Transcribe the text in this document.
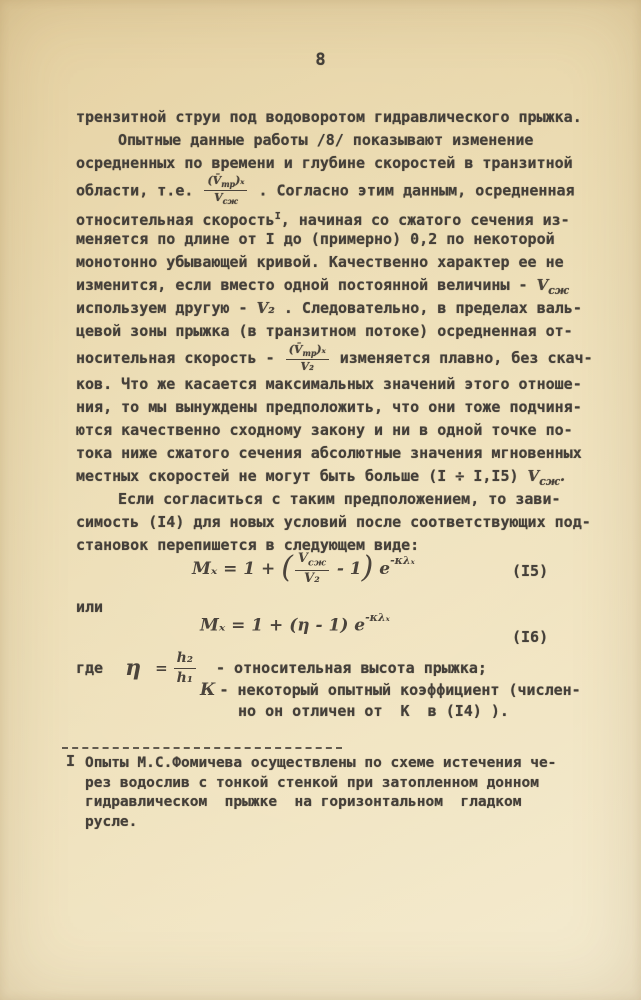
8
трензитной струи под водоворотом гидравлического прыжка.
Опытные данные работы /8/ показывают изменение
осредненных по времени и глубине скоростей в транзитной
области, т.е. $\frac{(V̄_{тр})_x}{V_{сж}}$ . Согласно этим данным, осредненная
относительная скорость$^I$, начиная со сжатого сечения из-
меняется по длине от I до (примерно) 0,2 по некоторой
монотонно убывающей кривой. Качественно характер ее не
изменится, если вместо одной постоянной величины - $V_{сж}$
используем другую - V₂ . Следовательно, в пределах валь-
цевой зоны прыжка (в транзитном потоке) осредненная от-
носительная скорость - $\frac{(V̄_{тр})_x}{\text{V₂}}$ изменяется плавно, без скач-
ков. Что же касается максимальных значений этого отноше-
ния, то мы вынуждены предположить, что они тоже подчиня-
ются качественно сходному закону и ни в одной точке по-
тока ниже сжатого сечения абсолютные значения мгновенных
местных скоростей не могут быть больше (I ÷ I,I5) $V_{сж}$.
Если согласиться с таким предположением, то зави-
симость (I4) для новых условий после соответствующих под-
становок перепишется в следующем виде:
Mₓ = 1 + ( $\frac{V_{сж}}{\text{V₂}} - 1$) $e^{-\kappa\lambda_x}$
(I5)
или
Mₓ = 1 + (η - 1) $e^{-\kappa\lambda_x}$
(I6)
где $\eta = \frac{\text{h₂}}{\text{h₁}}$ - относительная высота прыжка;
К - некоторый опытный коэффициент (числен-
но он отличен от  К  в (I4) ).
I Опыты М.С.Фомичева осуществлены по схеме истечения че-
рез водослив с тонкой стенкой при затопленном донном
гидравлическом  прыжке  на горизонтальном  гладком
русле.
